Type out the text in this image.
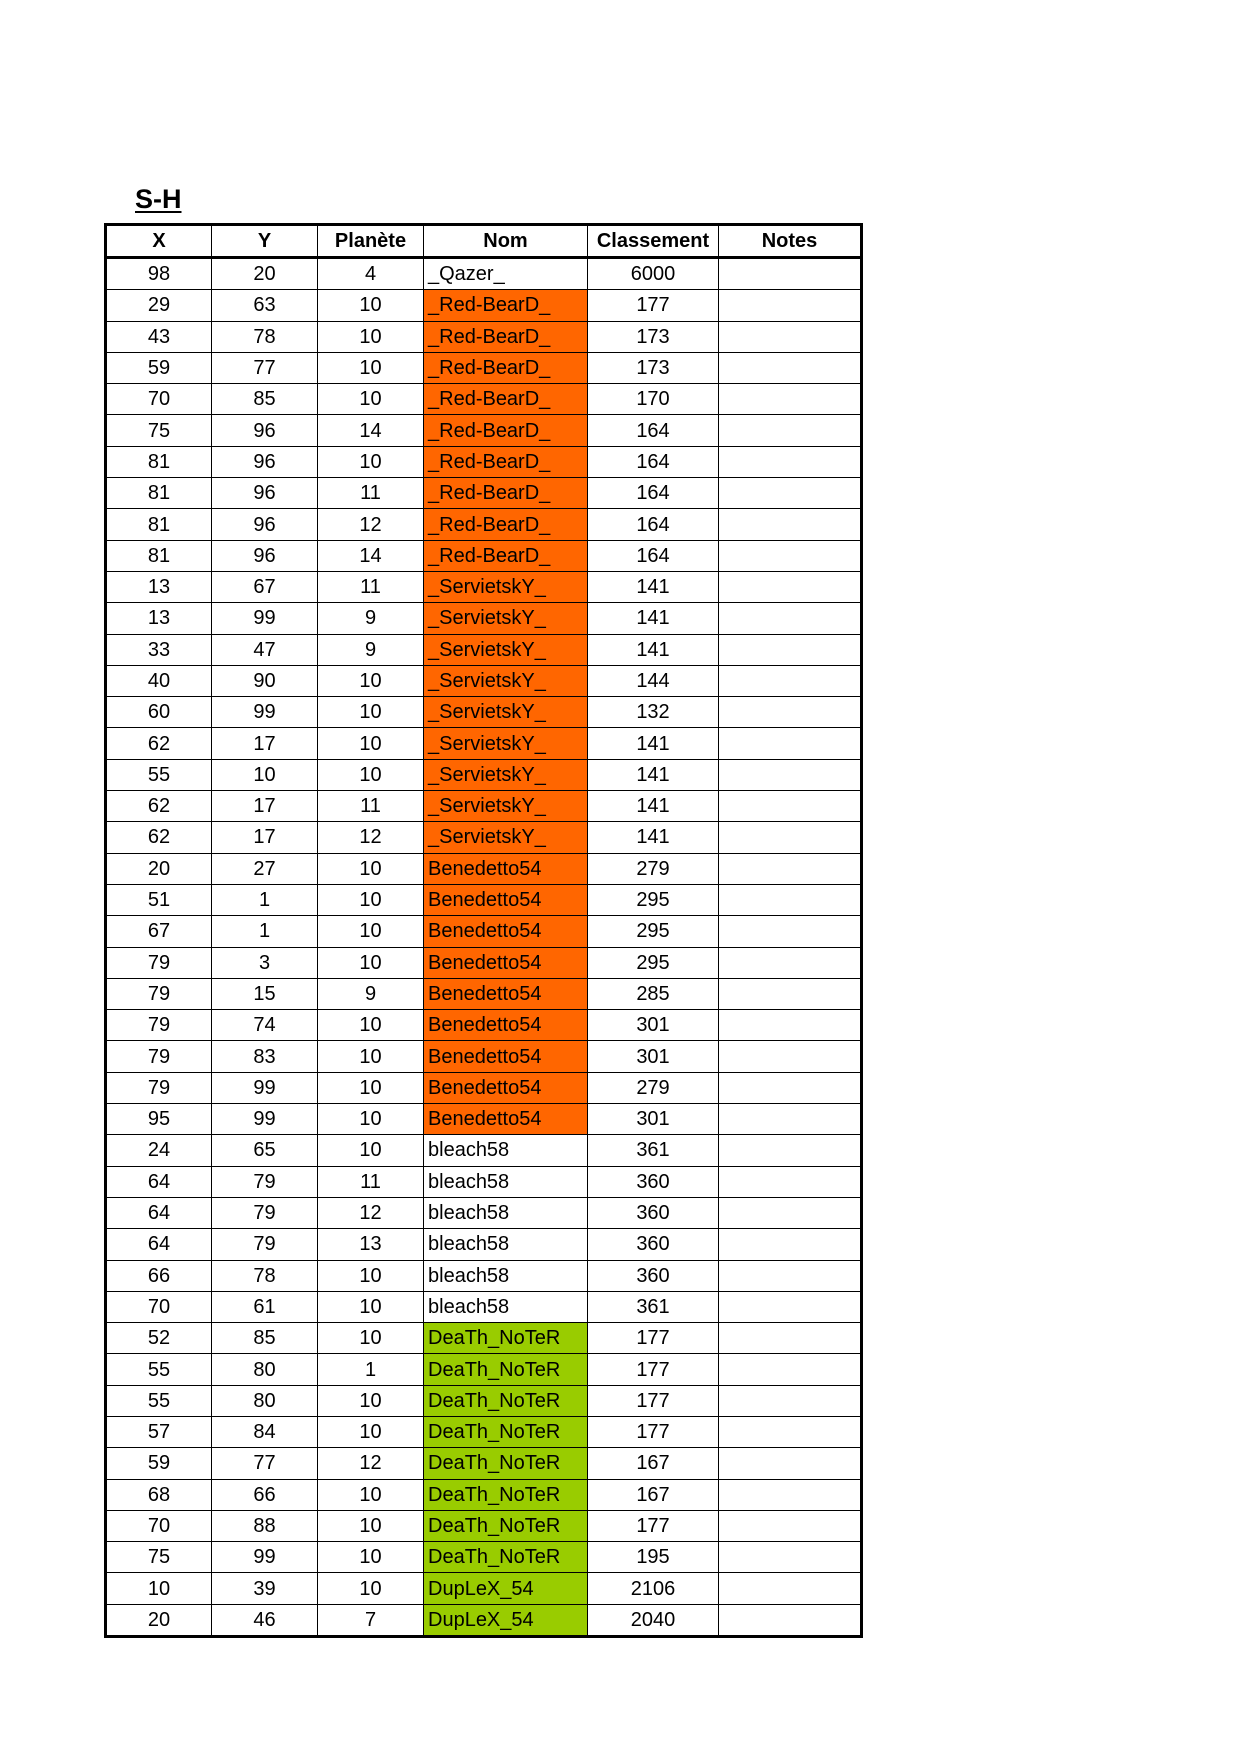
S-H
X	Y	Planète	Nom	Classement	Notes
98	20	4	_Qazer_	6000	
29	63	10	_Red-BearD_	177	
43	78	10	_Red-BearD_	173	
59	77	10	_Red-BearD_	173	
70	85	10	_Red-BearD_	170	
75	96	14	_Red-BearD_	164	
81	96	10	_Red-BearD_	164	
81	96	11	_Red-BearD_	164	
81	96	12	_Red-BearD_	164	
81	96	14	_Red-BearD_	164	
13	67	11	_ServietskY_	141	
13	99	9	_ServietskY_	141	
33	47	9	_ServietskY_	141	
40	90	10	_ServietskY_	144	
60	99	10	_ServietskY_	132	
62	17	10	_ServietskY_	141	
55	10	10	_ServietskY_	141	
62	17	11	_ServietskY_	141	
62	17	12	_ServietskY_	141	
20	27	10	Benedetto54	279	
51	1	10	Benedetto54	295	
67	1	10	Benedetto54	295	
79	3	10	Benedetto54	295	
79	15	9	Benedetto54	285	
79	74	10	Benedetto54	301	
79	83	10	Benedetto54	301	
79	99	10	Benedetto54	279	
95	99	10	Benedetto54	301	
24	65	10	bleach58	361	
64	79	11	bleach58	360	
64	79	12	bleach58	360	
64	79	13	bleach58	360	
66	78	10	bleach58	360	
70	61	10	bleach58	361	
52	85	10	DeaTh_NoTeR	177	
55	80	1	DeaTh_NoTeR	177	
55	80	10	DeaTh_NoTeR	177	
57	84	10	DeaTh_NoTeR	177	
59	77	12	DeaTh_NoTeR	167	
68	66	10	DeaTh_NoTeR	167	
70	88	10	DeaTh_NoTeR	177	
75	99	10	DeaTh_NoTeR	195	
10	39	10	DupLeX_54	2106	
20	46	7	DupLeX_54	2040	
